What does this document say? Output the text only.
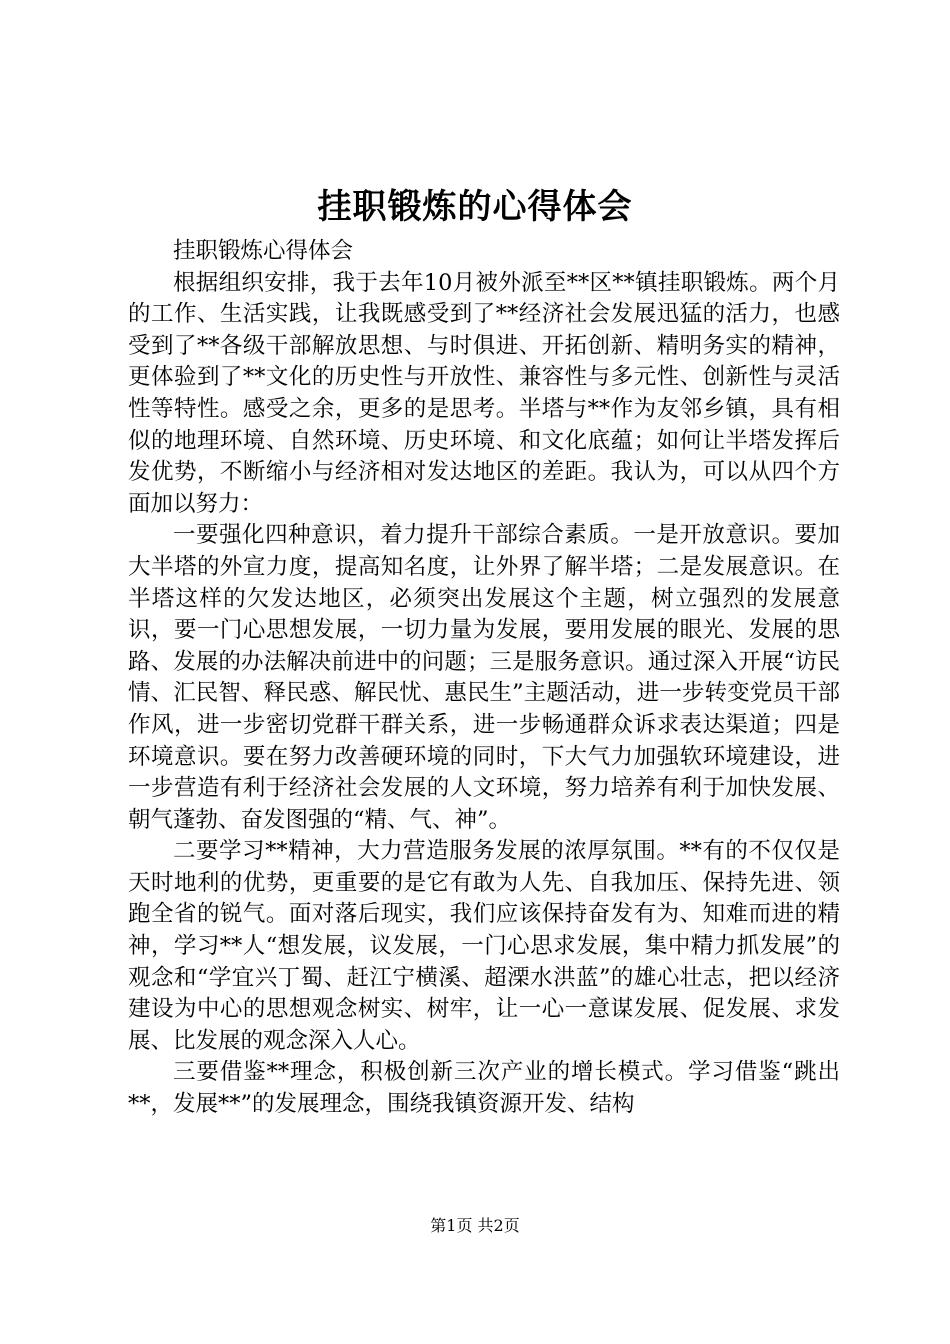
挂职锻炼的心得体会

挂职锻炼心得体会

根据组织安排，我于去年10月被外派至**区**镇挂职锻炼。两个月的工作、生活实践，让我既感受到了**经济社会发展迅猛的活力，也感受到了**各级干部解放思想、与时俱进、开拓创新、精明务实的精神，更体验到了**文化的历史性与开放性、兼容性与多元性、创新性与灵活性等特性。感受之余，更多的是思考。半塔与**作为友邻乡镇，具有相似的地理环境、自然环境、历史环境、和文化底蕴；如何让半塔发挥后发优势，不断缩小与经济相对发达地区的差距。我认为，可以从四个方面加以努力：

一要强化四种意识，着力提升干部综合素质。一是开放意识。要加大半塔的外宣力度，提高知名度，让外界了解半塔；二是发展意识。在半塔这样的欠发达地区，必须突出发展这个主题，树立强烈的发展意识，要一门心思想发展，一切力量为发展，要用发展的眼光、发展的思路、发展的办法解决前进中的问题；三是服务意识。通过深入开展“访民情、汇民智、释民惑、解民忧、惠民生”主题活动，进一步转变党员干部作风，进一步密切党群干群关系，进一步畅通群众诉求表达渠道；四是环境意识。要在努力改善硬环境的同时，下大气力加强软环境建设，进一步营造有利于经济社会发展的人文环境，努力培养有利于加快发展、朝气蓬勃、奋发图强的“精、气、神”。

二要学习**精神，大力营造服务发展的浓厚氛围。**有的不仅仅是天时地利的优势，更重要的是它有敢为人先、自我加压、保持先进、领跑全省的锐气。面对落后现实，我们应该保持奋发有为、知难而进的精神，学习**人“想发展，议发展，一门心思求发展，集中精力抓发展”的观念和“学宜兴丁蜀、赶江宁横溪、超溧水洪蓝”的雄心壮志，把以经济建设为中心的思想观念树实、树牢，让一心一意谋发展、促发展、求发展、比发展的观念深入人心。

三要借鉴**理念，积极创新三次产业的增长模式。学习借鉴“跳出**，发展**”的发展理念，围绕我镇资源开发、结构

第1页 共2页
